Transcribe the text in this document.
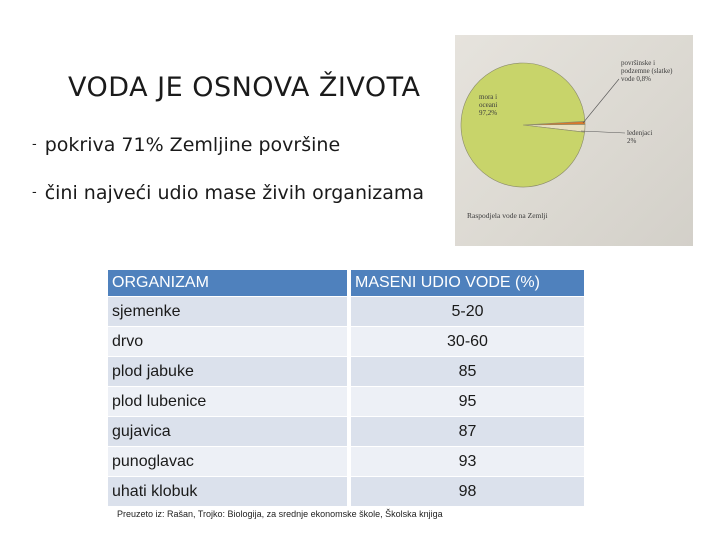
VODA JE OSNOVA ŽIVOTA
- pokriva 71% Zemljine površine
- čini najveći udio mase živih organizama
mora i
oceani
97,2%
površinske i
podzemne (slatke)
vode 0,8%
ledenjaci
2%
Raspodjela vode na Zemlji
ORGANIZAM		MASENI UDIO VODE (%)
sjemenke		5-20
drvo		30-60
plod jabuke		85
plod lubenice		95
gujavica		87
punoglavac		93
uhati klobuk		98
Preuzeto iz: Rašan, Trojko: Biologija, za srednje ekonomske škole, Školska knjiga
